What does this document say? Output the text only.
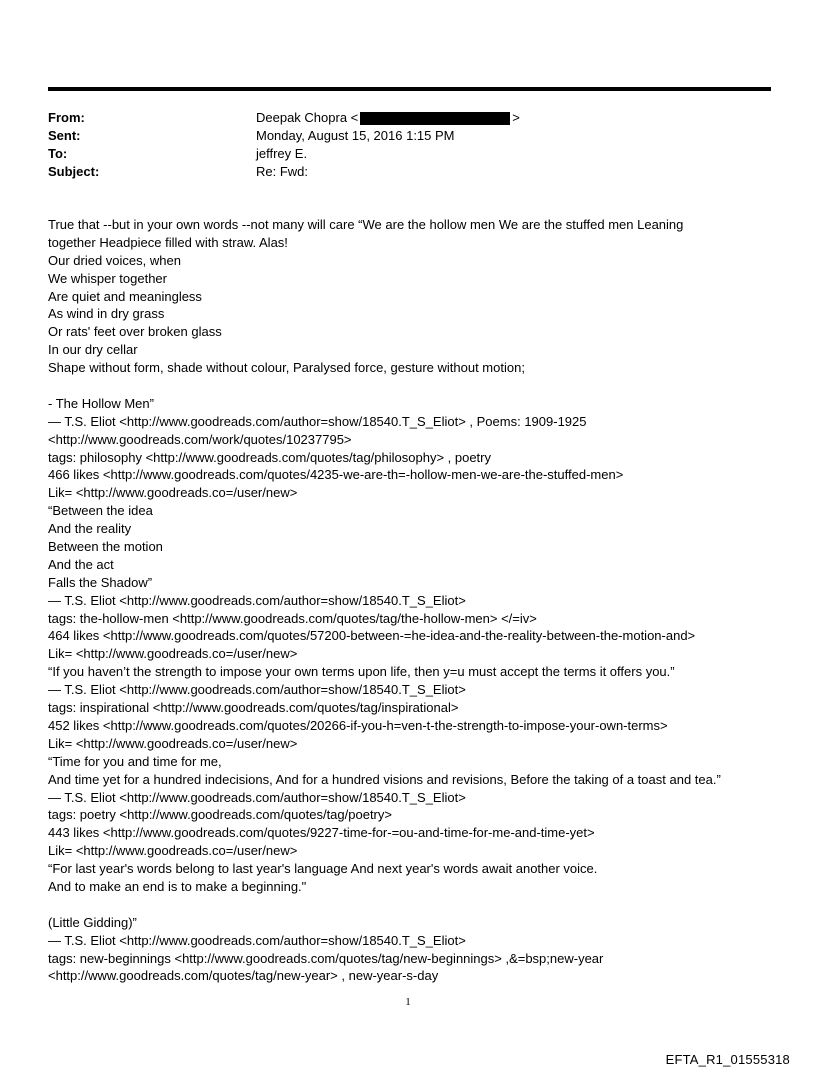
From:	Deepak Chopra <	>
Sent:	Monday, August 15, 2016 1:15 PM
To:	jeffrey E.
Subject:	Re: Fwd:
True that --but in your own words --not many will care “We are the hollow men We are the stuffed men Leaning
together Headpiece filled with straw. Alas!
Our dried voices, when
We whisper together
Are quiet and meaningless
As wind in dry grass
Or rats' feet over broken glass
In our dry cellar
Shape without form, shade without colour, Paralysed force, gesture without motion;
- The Hollow Men”
— T.S. Eliot <http://www.goodreads.com/author=show/18540.T_S_Eliot> , Poems: 1909-1925
<http://www.goodreads.com/work/quotes/10237795>
tags: philosophy <http://www.goodreads.com/quotes/tag/philosophy> , poetry
466 likes <http://www.goodreads.com/quotes/4235-we-are-th=-hollow-men-we-are-the-stuffed-men>
Lik= <http://www.goodreads.co=/user/new>
“Between the idea
And the reality
Between the motion
And the act
Falls the Shadow”
— T.S. Eliot <http://www.goodreads.com/author=show/18540.T_S_Eliot>
tags: the-hollow-men <http://www.goodreads.com/quotes/tag/the-hollow-men> </=iv>
464 likes <http://www.goodreads.com/quotes/57200-between-=he-idea-and-the-reality-between-the-motion-and>
Lik= <http://www.goodreads.co=/user/new>
“If you haven’t the strength to impose your own terms upon life, then y=u must accept the terms it offers you.”
— T.S. Eliot <http://www.goodreads.com/author=show/18540.T_S_Eliot>
tags: inspirational <http://www.goodreads.com/quotes/tag/inspirational>
452 likes <http://www.goodreads.com/quotes/20266-if-you-h=ven-t-the-strength-to-impose-your-own-terms>
Lik= <http://www.goodreads.co=/user/new>
“Time for you and time for me,
And time yet for a hundred indecisions, And for a hundred visions and revisions, Before the taking of a toast and tea.”
— T.S. Eliot <http://www.goodreads.com/author=show/18540.T_S_Eliot>
tags: poetry <http://www.goodreads.com/quotes/tag/poetry>
443 likes <http://www.goodreads.com/quotes/9227-time-for-=ou-and-time-for-me-and-time-yet>
Lik= <http://www.goodreads.co=/user/new>
“For last year's words belong to last year's language And next year's words await another voice.
And to make an end is to make a beginning."
(Little Gidding)”
— T.S. Eliot <http://www.goodreads.com/author=show/18540.T_S_Eliot>
tags: new-beginnings <http://www.goodreads.com/quotes/tag/new-beginnings> ,&=bsp;new-year
<http://www.goodreads.com/quotes/tag/new-year> , new-year-s-day
1
EFTA_R1_01555318
